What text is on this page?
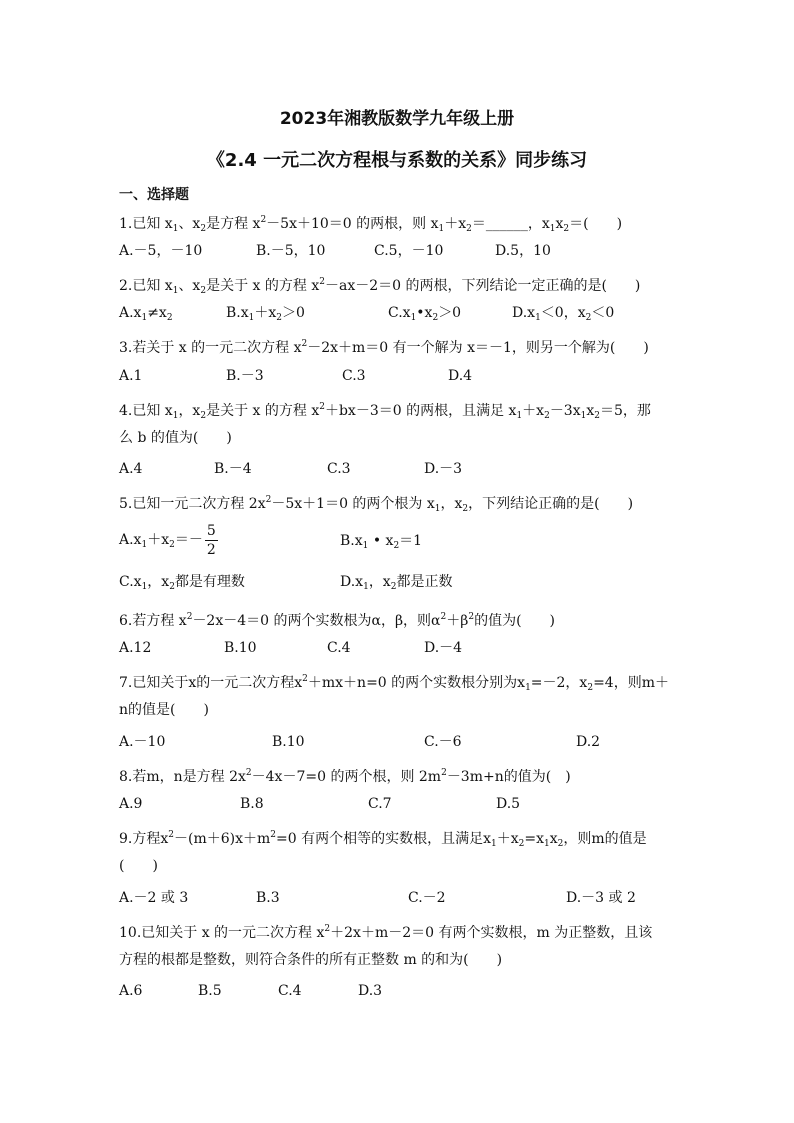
2023年湘教版数学九年级上册
《2.4 一元二次方程根与系数的关系》同步练习
一、选择题
1.已知 $x_1$、$x_2$是方程 $x^2-5x+10=0$ 的两根，则 $x_1+x_2=\_\_\_\_\_\_$，$x_1x_2=$(　　)
A.－5，－10	B.－5，10	C.5，－10	D.5，10
2.已知 $x_1$、$x_2$是关于 x 的方程 $x^2-ax-2=0$ 的两根，下列结论一定正确的是(　　)
$A.x_1\ne x_2$	$B.x_1+x_2>0$	$C.x_1•x_2>0$	$D.x_1<0$，$x_2<0$
3.若关于 x 的一元二次方程 $x^2-2x+m=0$ 有一个解为 x＝－1，则另一个解为(　　)
A.1	B.－3	C.3	D.4
4.已知 $x_1$，$x_2$是关于 x 的方程 $x^2+bx-3=0$ 的两根，且满足 $x_1+x_2-3x_1x_2=5$，那
么 b 的值为(　　)
A.4	B.－4	C.3	D.－3
5.已知一元二次方程 $2x^2-5x+1=0$ 的两个根为 $x_1$，$x_2$，下列结论正确的是(　　)
$A.x_1+x_2=- \frac{5}{2}$	$B.x_1$ • $x_2=1$
$C.x_1$，$x_2$都是有理数	$D.x_1$，$x_2$都是正数
6.若方程 $x^2-2x-4=0$ 的两个实数根为α，β，则$\alpha^2+\beta^2$的值为(　　)
A.12	B.10	C.4	D.－4
7.已知关于x的一元二次方程$x^2+mx+n=0$ 的两个实数根分别为$x_1=-2$，$x_2=4$，则m＋
n的值是(　　)
A.－10	B.10	C.－6	D.2
8.若m，n是方程 $2x^2-4x-7=0$ 的两个根，则 $2m^2-3m+n$的值为(　)
A.9	B.8	C.7	D.5
9.方程$x^2-(m+6)x+m^2=0$ 有两个相等的实数根，且满足$x_1+x_2=x_1x_2$，则m的值是
(　　)
A.－2 或 3	B.3	C.－2	D.－3 或 2
10.已知关于 x 的一元二次方程 $x^2+2x+m-2=0$ 有两个实数根，m 为正整数，且该
方程的根都是整数，则符合条件的所有正整数 m 的和为(　　)
A.6	B.5	C.4	D.3
